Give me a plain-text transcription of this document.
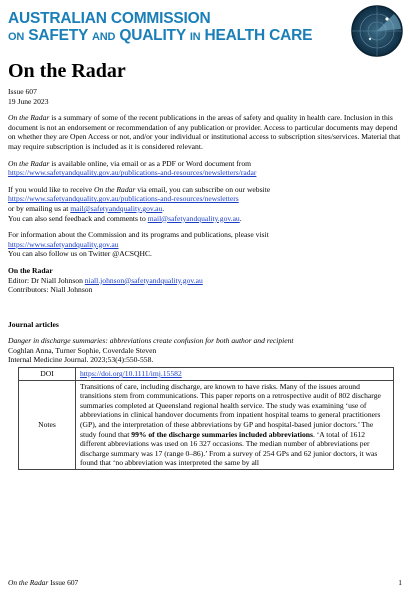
AUSTRALIAN COMMISSION
ON SAFETY AND QUALITY IN HEALTH CARE
On the Radar

Issue 607
19 June 2023

On the Radar is a summary of some of the recent publications in the areas of safety and quality in health care. Inclusion in this document is not an endorsement or recommendation of any publication or provider. Access to particular documents may depend on whether they are Open Access or not, and/or your individual or institutional access to subscription sites/services. Material that may require subscription is included as it is considered relevant.

On the Radar is available online, via email or as a PDF or Word document from
https://www.safetyandquality.gov.au/publications-and-resources/newsletters/radar

If you would like to receive On the Radar via email, you can subscribe on our website
https://www.safetyandquality.gov.au/publications-and-resources/newsletters
or by emailing us at mail@safetyandquality.gov.au.
You can also send feedback and comments to mail@safetyandquality.gov.au.

For information about the Commission and its programs and publications, please visit
https://www.safetyandquality.gov.au
You can also follow us on Twitter @ACSQHC.

On the Radar
Editor: Dr Niall Johnson niall.johnson@safetyandquality.gov.au
Contributors: Niall Johnson

Journal articles

Danger in discharge summaries: abbreviations create confusion for both author and recipient
Coghlan Anna, Turner Sophie, Coverdale Steven
Internal Medicine Journal. 2023;53(4):550-558.

DOI	https://doi.org/10.1111/imj.15582
Notes	Transitions of care, including discharge, are known to have risks. Many of the issues around transitions stem from communications. This paper reports on a retrospective audit of 802 discharge summaries completed at Queensland regional health service. The study was examining ‘use of abbreviations in clinical handover documents from inpatient hospital teams to general practitioners (GP), and the interpretation of these abbreviations by GP and hospital-based junior doctors.’ The study found that 99% of the discharge summaries included abbreviations. ‘A total of 1612 different abbreviations was used on 16 327 occasions. The median number of abbreviations per discharge summary was 17 (range 0–86).’ From a survey of 254 GPs and 62 junior doctors, it was found that ‘no abbreviation was interpreted the same by all
On the Radar Issue 607	1
